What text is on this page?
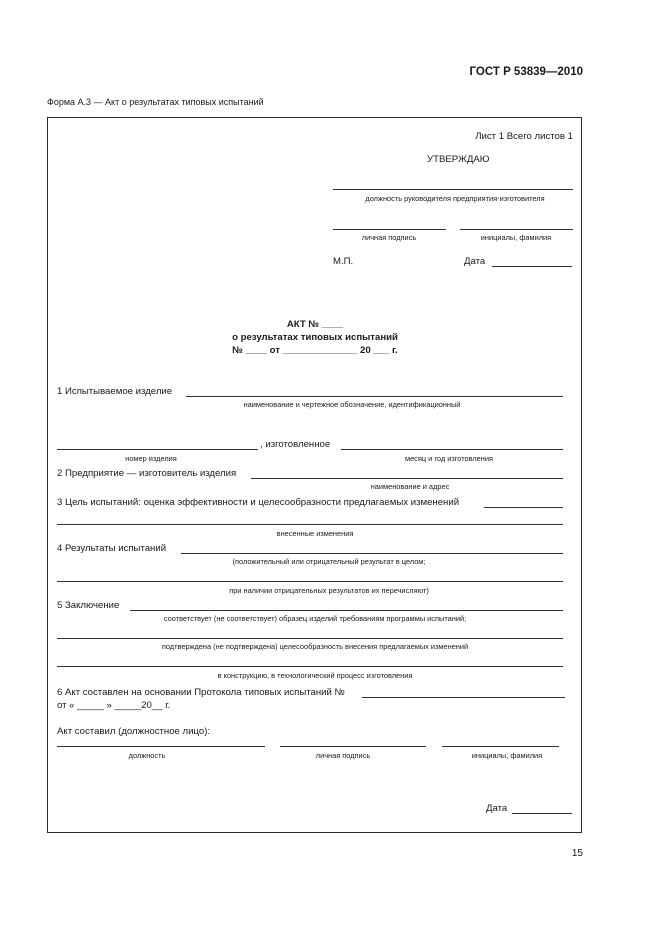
ГОСТ Р 53839—2010
Форма А.3 — Акт о результатах типовых испытаний
Лист 1 Всего листов 1
УТВЕРЖДАЮ
должность руководителя предприятия-изготовителя
личная подпись	инициалы, фамилия
М.П.	Дата
АКТ № ____
о результатах типовых испытаний
№ ____ от ______________ 20 ___ г.
1 Испытываемое изделие
наименование и чертежное обозначение, идентификационный
, изготовленное
номер изделия	месяц и год изготовления
2 Предприятие — изготовитель изделия
наименование и адрес
3 Цель испытаний: оценка эффективности и целесообразности предлагаемых изменений
внесенные изменения
4 Результаты испытаний
(положительный или отрицательный результат в целом;
при наличии отрицательных результатов их перечисляют)
5 Заключение
соответствует (не соответствует) образец изделий требованиям программы испытаний;
подтверждена (не подтверждена) целесообразность внесения предлагаемых изменений
в конструкцию, в технологический процесс изготовления
6 Акт составлен на основании Протокола типовых испытаний №
от « _____ » _____20__ г.
Акт составил (должностное лицо):
должность	личная подпись	инициалы, фамилия
Дата
15
